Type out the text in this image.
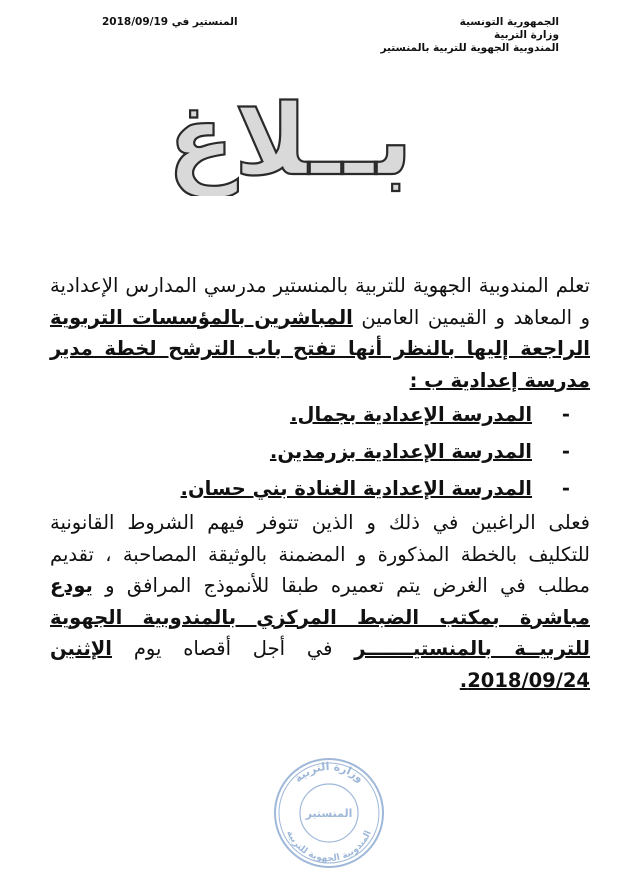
الجمهورية التونسية
وزارة التربية
المندوبية الجهوية للتربية بالمنستير
المنستير في 2018/09/19
بــلاغ

تعلم المندوبية الجهوية للتربية بالمنستير مدرسي المدارس الإعدادية و المعاهد و القيمين العامين المباشرين بالمؤسسات التربوية الراجعة إليها بالنظر أنها تفتح باب الترشح لخطة مدير مدرسة إعدادية ب :

-
المدرسة الإعدادية بجمال.
-
المدرسة الإعدادية بزرمدين.
-
المدرسة الإعدادية الغنادة بني حسان.

فعلى الراغبين في ذلك و الذين تتوفر فيهم الشروط القانونية للتكليف بالخطة المذكورة و المضمنة بالوثيقة المصاحبة ، تقديم مطلب في الغرض يتم تعميره طبقا للأنموذج المرافق و يودع مباشرة بمكتب الضبط المركزي بالمندوبية الجهوية للتربيــة بالمنستيـــــــر في أجل أقصاه يوم الإثنين 2018/09/24.

وزارة التربية
المندوبية الجهوية للتربية
المنستير
